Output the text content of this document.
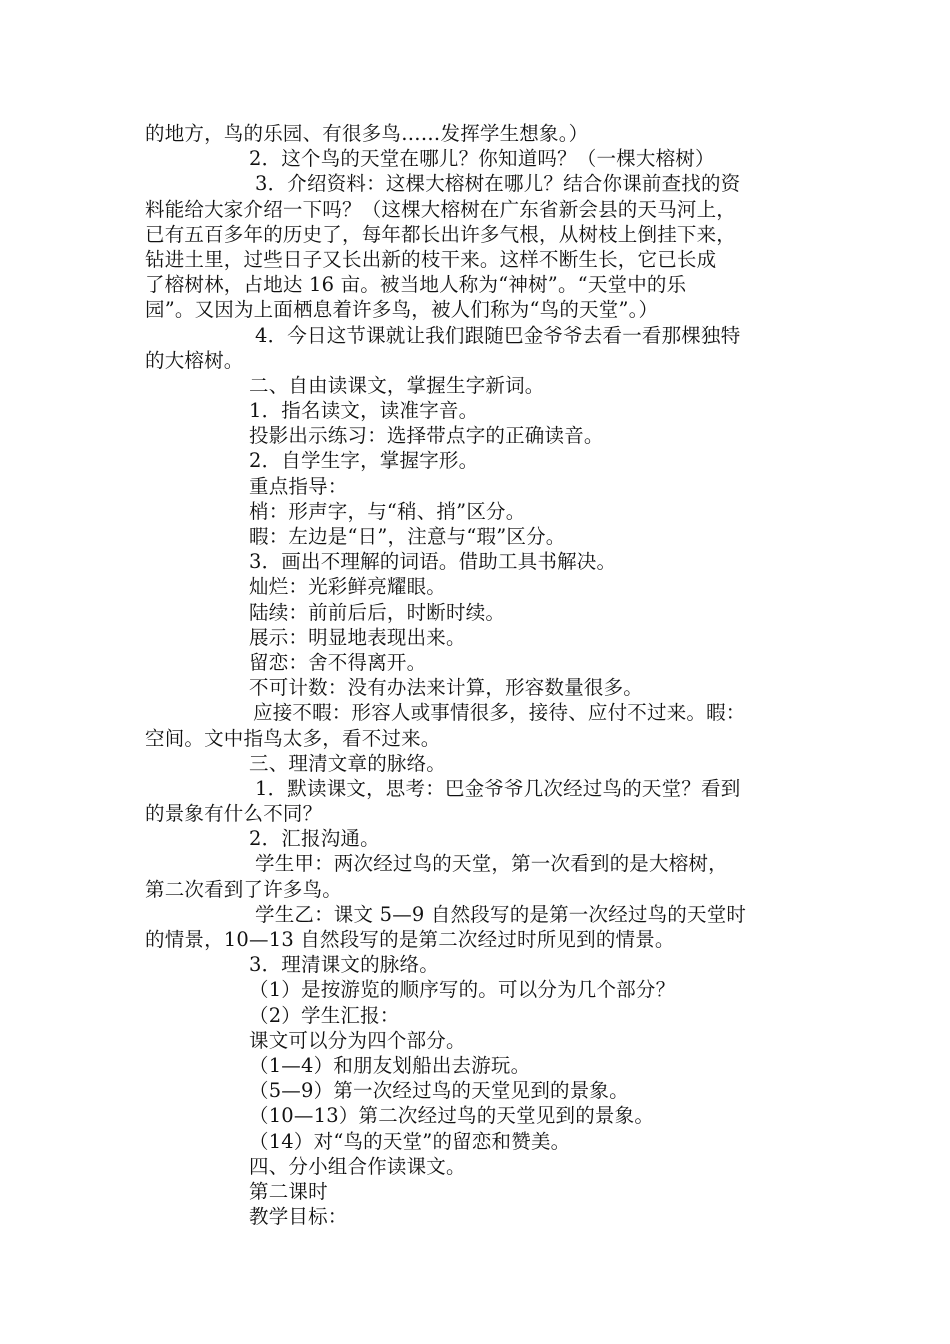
的地方，鸟的乐园、有很多鸟……发挥学生想象。）
2．这个鸟的天堂在哪儿？你知道吗？（一棵大榕树）
3．介绍资料：这棵大榕树在哪儿？结合你课前查找的资
料能给大家介绍一下吗？（这棵大榕树在广东省新会县的天马河上，
已有五百多年的历史了，每年都长出许多气根，从树枝上倒挂下来，
钻进土里，过些日子又长出新的枝干来。这样不断生长，它已长成
了榕树林，占地达 16 亩。被当地人称为“神树”。“天堂中的乐
园”。又因为上面栖息着许多鸟，被人们称为“鸟的天堂”。）
4．今日这节课就让我们跟随巴金爷爷去看一看那棵独特
的大榕树。
二、自由读课文，掌握生字新词。
1．指名读文，读准字音。
投影出示练习：选择带点字的正确读音。
2．自学生字，掌握字形。
重点指导：
梢：形声字，与“稍、捎”区分。
暇：左边是“日”，注意与“瑕”区分。
3．画出不理解的词语。借助工具书解决。
灿烂：光彩鲜亮耀眼。
陆续：前前后后，时断时续。
展示：明显地表现出来。
留恋：舍不得离开。
不可计数：没有办法来计算，形容数量很多。
应接不暇：形容人或事情很多，接待、应付不过来。暇：
空间。文中指鸟太多，看不过来。
三、理清文章的脉络。
1．默读课文，思考：巴金爷爷几次经过鸟的天堂？看到
的景象有什么不同？
2．汇报沟通。
学生甲：两次经过鸟的天堂，第一次看到的是大榕树，
第二次看到了许多鸟。
学生乙：课文 5—9 自然段写的是第一次经过鸟的天堂时
的情景，10—13 自然段写的是第二次经过时所见到的情景。
3．理清课文的脉络。
（1）是按游览的顺序写的。可以分为几个部分？
（2）学生汇报：
课文可以分为四个部分。
（1—4）和朋友划船出去游玩。
（5—9）第一次经过鸟的天堂见到的景象。
（10—13）第二次经过鸟的天堂见到的景象。
（14）对“鸟的天堂”的留恋和赞美。
四、分小组合作读课文。
第二课时
教学目标：
